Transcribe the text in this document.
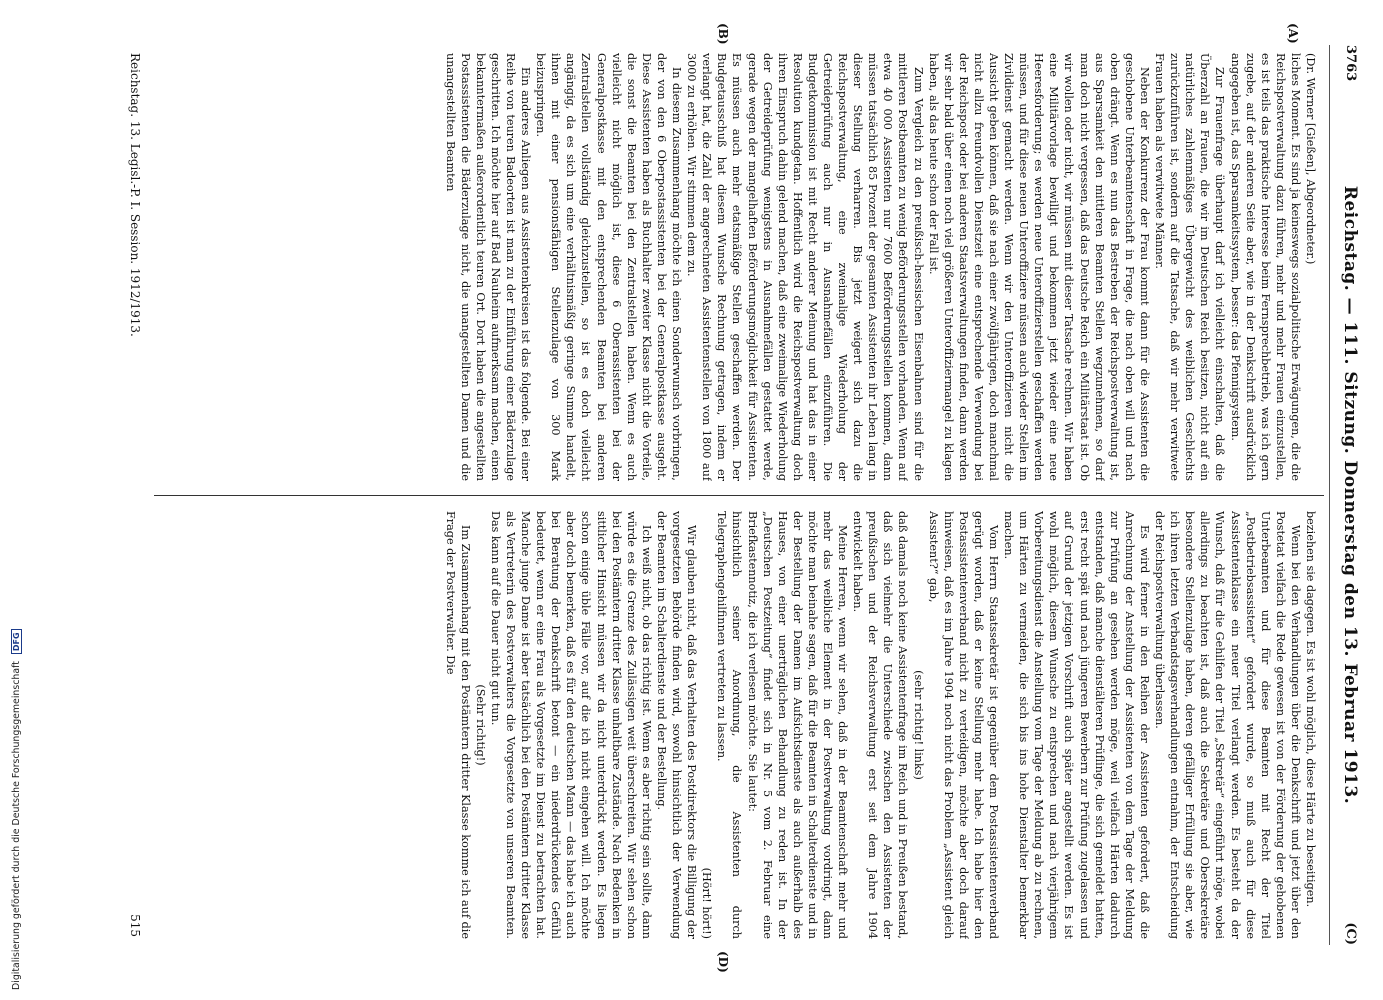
Digitalisierung gefördert durch die Deutsche Forschungsgemeinschaft DFG
3763
Reichstag. — 111. Sitzung. Donnerstag den 13. Februar 1913.
(C)
(A)
(B)
(D)

(Dr. Werner [Gießen], Abgeordneter.)

liches Moment. Es sind ja keineswegs sozialpolitische Erwägungen, die die Reichspostverwaltung dazu führen, mehr und mehr Frauen einzustellen, es ist teils das praktische Interesse beim Fernsprechbetrieb, was ich gern zugebe, auf der anderen Seite aber, wie in der Denkschrift ausdrücklich angegeben ist, das Sparsamkeitssystem, besser: das Pfennigsystem.

Zur Frauenfrage überhaupt darf ich vielleicht einschalten, daß die Überzahl an Frauen, die wir im Deutschen Reich besitzen, nicht auf ein natürliches zahlenmäßiges Übergewicht des weiblichen Geschlechts zurückzuführen ist, sondern auf die Tatsache, daß wir mehr verwitwete Frauen haben als verwitwete Männer.

Neben der Konkurrenz der Frau kommt dann für die Assistenten die geschobene Unterbeamtenschaft in Frage, die nach oben will und nach oben drängt. Wenn es nun das Bestreben der Reichspostverwaltung ist, aus Sparsamkeit den mittleren Beamten Stellen wegzunehmen, so darf man doch nicht vergessen, daß das Deutsche Reich ein Militärstaat ist. Ob wir wollen oder nicht, wir müssen mit dieser Tatsache rechnen. Wir haben eine Militärvorlage bewilligt und bekommen jetzt wieder eine neue Heeresforderung; es werden neue Unteroffizierstellen geschaffen werden müssen, und für diese neuen Unteroffiziere müssen auch wieder Stellen im Zivildienst gemacht werden. Wenn wir den Unteroffizieren nicht die Aussicht geben können, daß sie nach einer zwölfjährigen, doch manchmal nicht allzu freundvollen Dienstzeit eine entsprechende Verwendung bei der Reichspost oder bei anderen Staatsverwaltungen finden, dann werden wir sehr bald über einen noch viel größeren Unteroffiziermangel zu klagen haben, als das heute schon der Fall ist.

Zum Vergleich zu den preußisch-hessischen Eisenbahnen sind für die mittleren Postbeamten zu wenig Beförderungsstellen vorhanden. Wenn auf etwa 40 000 Assistenten nur 7600 Beförderungsstellen kommen, dann müssen tatsächlich 85 Prozent der gesamten Assistenten ihr Leben lang in dieser Stellung verharren. Bis jetzt weigert sich dazu die Reichspostverwaltung, eine zweimalige Wiederholung der Getreideprüfung auch nur in Ausnahmefällen einzuführen. Die Budgetkommission ist mit Recht anderer Meinung und hat das in einer Resolution kundgetan. Hoffentlich wird die Reichspostverwaltung doch ihren Einspruch dahin gelend machen, daß eine zweimalige Wiederholung der Getreideprüfung wenigstens in Ausnahmefällen gestattet werde, gerade wegen der mangelhaften Beförderungsmöglichkeit für Assistenten. Es müssen auch mehr etatsmäßige Stellen geschaffen werden. Der Budgetausschuß hat diesem Wunsche Rechnung getragen, indem er verlangt hat, die Zahl der angerechneten Assistentenstellen von 1800 auf 3000 zu erhöhen. Wir stimmen dem zu.

In diesem Zusammenhang möchte ich einen Sonderwunsch vorbringen, der von den 6 Oberpostassistenten bei der Generalpostkasse ausgeht. Diese Assistenten haben als Buchhalter zweiter Klasse nicht die Vorteile, die sonst die Beamten bei den Zentralstellen haben. Wenn es auch vielleicht nicht möglich ist, diese 6 Oberassistenten bei der Generalpostkasse mit den entsprechenden Beamten bei anderen Zentralstellen vollständig gleichzustellen, so ist es doch vielleicht angängig, da es sich um eine verhältnismäßig geringe Summe handelt, ihnen mit einer pensionsfähigen Stellenzulage von 300 Mark beizuspringen.

Ein anderes Anliegen aus Assistentenkreisen ist das folgende. Bei einer Reihe von teuren Badeorten ist man zu der Einführung einer Bäderzulage geschritten. Ich möchte hier auf Bad Nauheim aufmerksam machen, einen bekanntermaßen außerordentlich teuren Ort. Dort haben die angestellten Postassistenten die Bäderzulage nicht, die unangestellten Damen und die unangestellten Beamten

beziehen sie dagegen. Es ist wohl möglich, diese Härte zu beseitigen.

Wenn bei den Verhandlungen über die Denkschrift und jetzt über den Postetat vielfach die Rede gewesen ist von der Förderung der gehobenen Unterbeamten und für diese Beamten mit Recht der Titel „Postbetriebsassistent“ gefordert wurde, so muß auch für diese Assistentenklasse ein neuer Titel verlangt werden. Es besteht da der Wunsch, daß für die Gehilfen der Titel „Sekretär“ eingeführt möge, wobei allerdings zu beachten ist, daß auch die Sekretäre und Obersekretäre besondere Stellenzulage haben, deren gefälliger Erfüllung sie aber, wie ich ihren letzten Verbandstagsverhandlungen entnahm, der Entscheidung der Reichspostverwaltung überlassen.

Es wird ferner in den Reihen der Assistenten gefordert, daß die Anrechnung der Anstellung der Assistenten von dem Tage der Meldung zur Prüfung an gesehen werden möge, weil vielfach Härten dadurch entstanden, daß manche dienstälteren Prüflinge, die sich gemeldet hatten, erst recht spät und nach jüngeren Bewerbern zur Prüfung zugelassen und auf Grund der jetzigen Vorschrift auch später angestellt werden. Es ist wohl möglich, diesem Wunsche zu entsprechen und nach vierjährigem Vorbereitungsdienst die Anstellung vom Tage der Meldung ab zu rechnen, um Härten zu vermeiden, die sich bis ins hohe Dienstalter bemerkbar machen.

Vom Herrn Staatssekretär ist gegenüber dem Postassistentenverband gerügt worden, daß er keine Stellung mehr habe. Ich habe hier den Postassistentenverband nicht zu verteidigen, möchte aber doch darauf hinweisen, daß es im Jahre 1904 noch nicht das Problem „Assistent gleich Assistent?“ gab,

(sehr richtig! links)

daß damals noch keine Assistentenfrage im Reich und in Preußen bestand, daß sich vielmehr die Unterschiede zwischen den Assistenten der preußischen und der Reichsverwaltung erst seit dem Jahre 1904 entwickelt haben.

Meine Herren, wenn wir sehen, daß in der Beamtenschaft mehr und mehr das weibliche Element in der Postverwaltung vordringt, dann möchte man beinahe sagen, daß für die Beamten in Schalterdienste und in der Bestellung der Damen im Aufsichtsdienste als auch außerhalb des Hauses, von einer unerträglichen Behandlung zu reden ist. In der „Deutschen Postzeitung“ findet sich in Nr. 5 vom 2. Februar eine Briefkastennotiz, die ich verlesen möchte. Sie lautet:

hinsichtlich seiner Anordnung, die Assistenten durch Telegraphengehilfinnen vertreten zu lassen.

(Hört! hört!)

Wir glauben nicht, daß das Verhalten des Postdirektors die Billigung der vorgesetzten Behörde finden wird, sowohl hinsichtlich der Verwendung der Beamten im Schalterdienste und der Bestellung.

Ich weiß nicht, ob das richtig ist. Wenn es aber richtig sein sollte, dann würde es die Grenze des Zulässigen weit überschreiten. Wir sehen schon bei den Postämtern dritter Klasse unhaltbare Zustände. Nach Bedenken in sittlicher Hinsicht müssen wir da nicht unterdrückt werden. Es liegen schon einige üble Fälle vor, auf die ich nicht eingehen will. Ich möchte aber doch bemerken, daß es für den deutschen Mann — das habe ich auch bei Beratung der Denkschrift betont — ein niederdrückendes Gefühl bedeutet, wenn er eine Frau als Vorgesetzte im Dienst zu betrachten hat. Manche junge Dame ist aber tatsächlich bei den Postämtern dritter Klasse als Vertreterin des Postverwalters die Vorgesetzte von unseren Beamten. Das kann auf die Dauer nicht gut tun.

(Sehr richtig!)

Im Zusammenhang mit den Postämtern dritter Klasse komme ich auf die Frage der Postverwalter. Die

Reichstag. 13. Legisl.-P. I. Session. 1912/1913.
515
